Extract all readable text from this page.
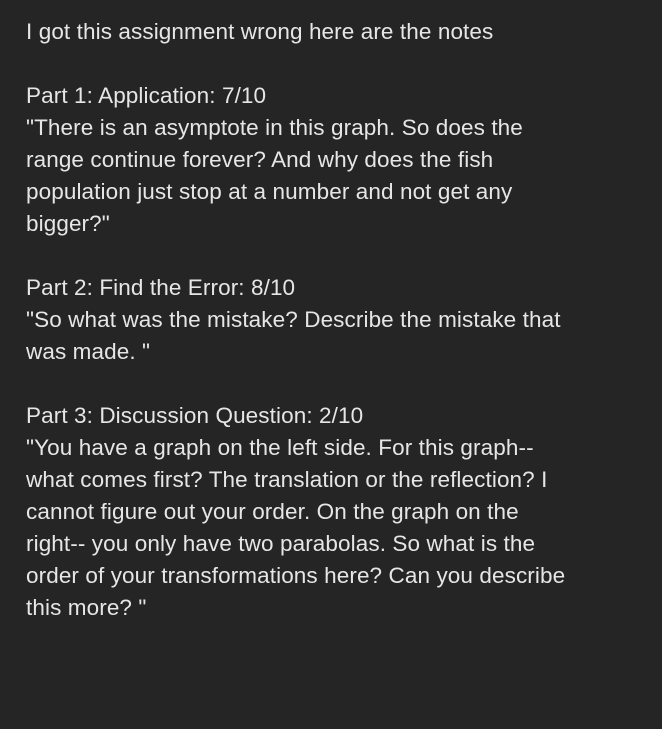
I got this assignment wrong here are the notes

Part 1: Application: 7/10

"There is an asymptote in this graph. So does the

range continue forever? And why does the fish

population just stop at a number and not get any

bigger?"

Part 2: Find the Error: 8/10

"So what was the mistake? Describe the mistake that

was made. "

Part 3: Discussion Question: 2/10

"You have a graph on the left side. For this graph--

what comes first? The translation or the reflection? I

cannot figure out your order. On the graph on the

right-- you only have two parabolas. So what is the

order of your transformations here? Can you describe

this more? "
